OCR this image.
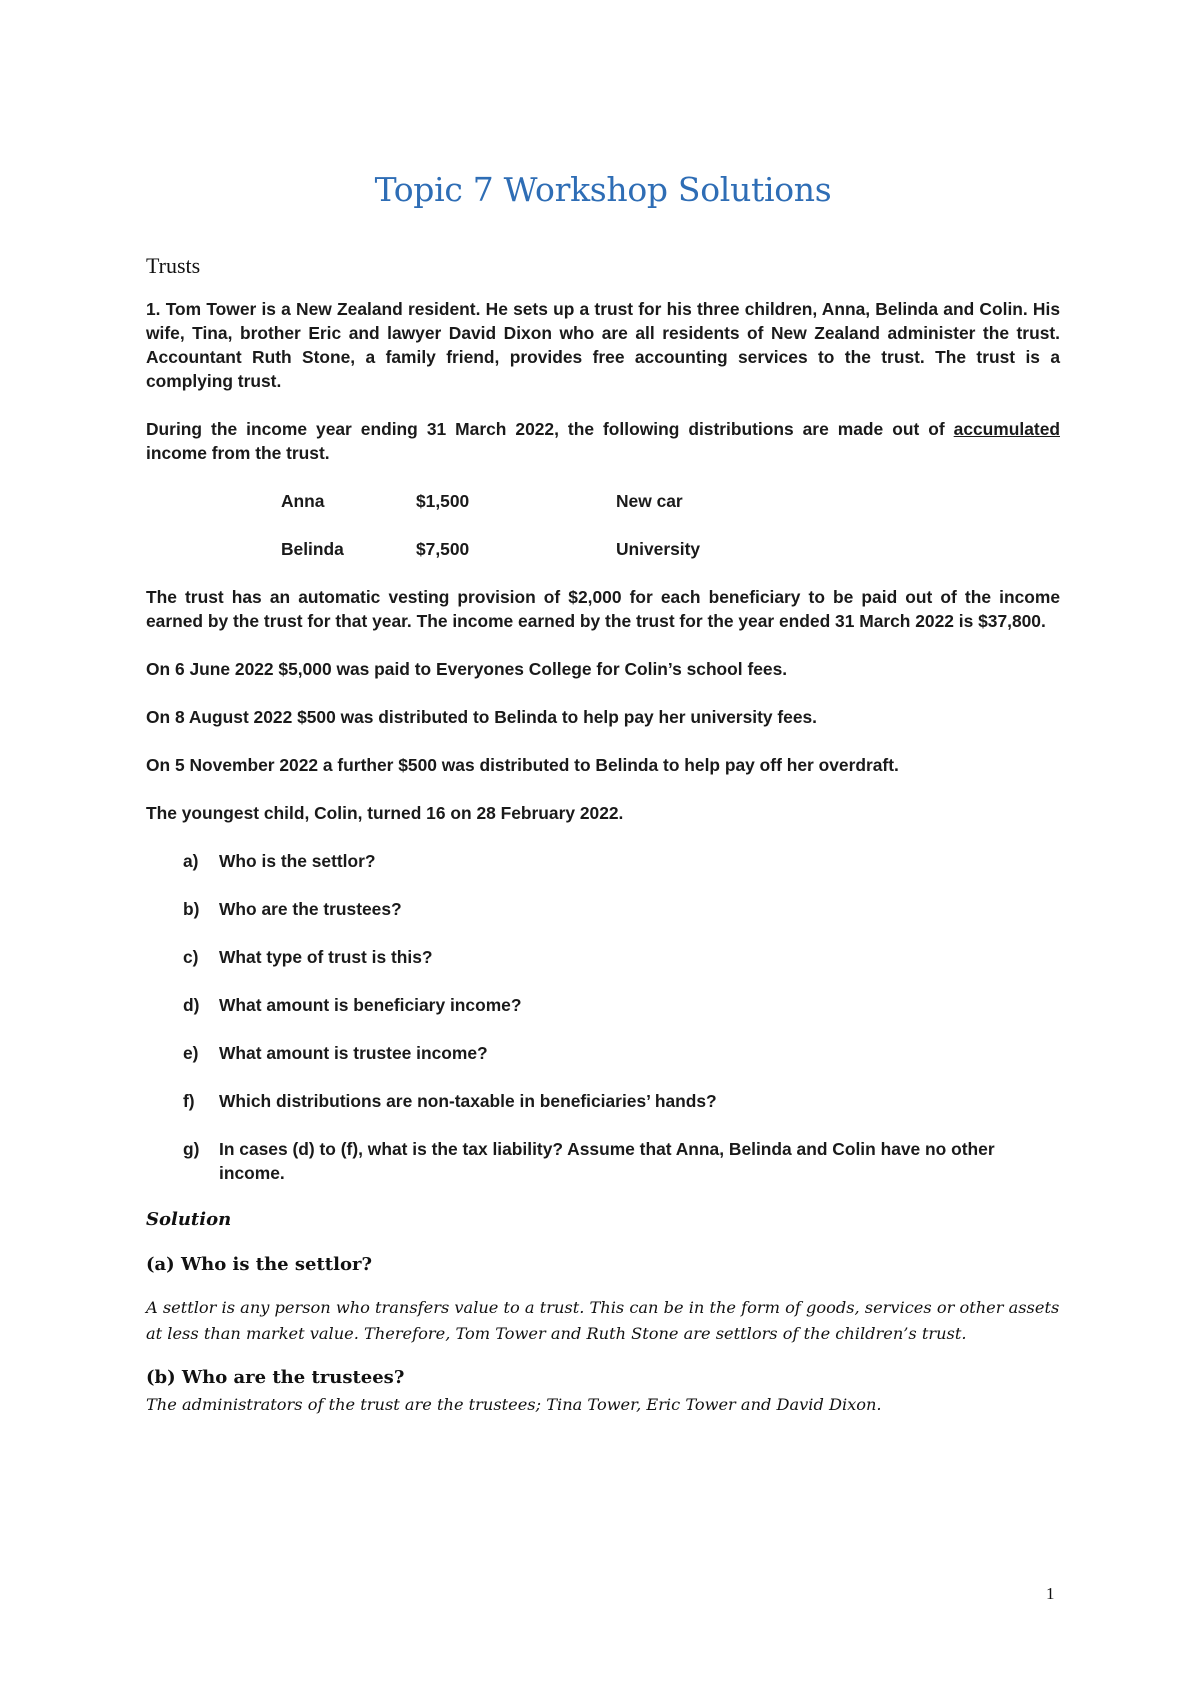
Topic 7 Workshop Solutions
Trusts

1. Tom Tower is a New Zealand resident. He sets up a trust for his three children, Anna, Belinda and Colin. His wife, Tina, brother Eric and lawyer David Dixon who are all residents of New Zealand administer the trust. Accountant Ruth Stone, a family friend, provides free accounting services to the trust. The trust is a complying trust.

During the income year ending 31 March 2022, the following distributions are made out of accumulated income from the trust.

Anna	$1,500	New car
Belinda	$7,500	University

The trust has an automatic vesting provision of $2,000 for each beneficiary to be paid out of the income earned by the trust for that year. The income earned by the trust for the year ended 31 March 2022 is $37,800.

On 6 June 2022 $5,000 was paid to Everyones College for Colin’s school fees.

On 8 August 2022 $500 was distributed to Belinda to help pay her university fees.

On 5 November 2022 a further $500 was distributed to Belinda to help pay off her overdraft.

The youngest child, Colin, turned 16 on 28 February 2022.

a) Who is the settlor?
b) Who are the trustees?
c) What type of trust is this?
d) What amount is beneficiary income?
e) What amount is trustee income?
f) Which distributions are non-taxable in beneficiaries’ hands?
g) In cases (d) to (f), what is the tax liability? Assume that Anna, Belinda and Colin have no other income.
Solution
(a) Who is the settlor?

A settlor is any person who transfers value to a trust. This can be in the form of goods, services or other assets at less than market value. Therefore, Tom Tower and Ruth Stone are settlors of the children’s trust.

(b) Who are the trustees?

The administrators of the trust are the trustees; Tina Tower, Eric Tower and David Dixon.

1
